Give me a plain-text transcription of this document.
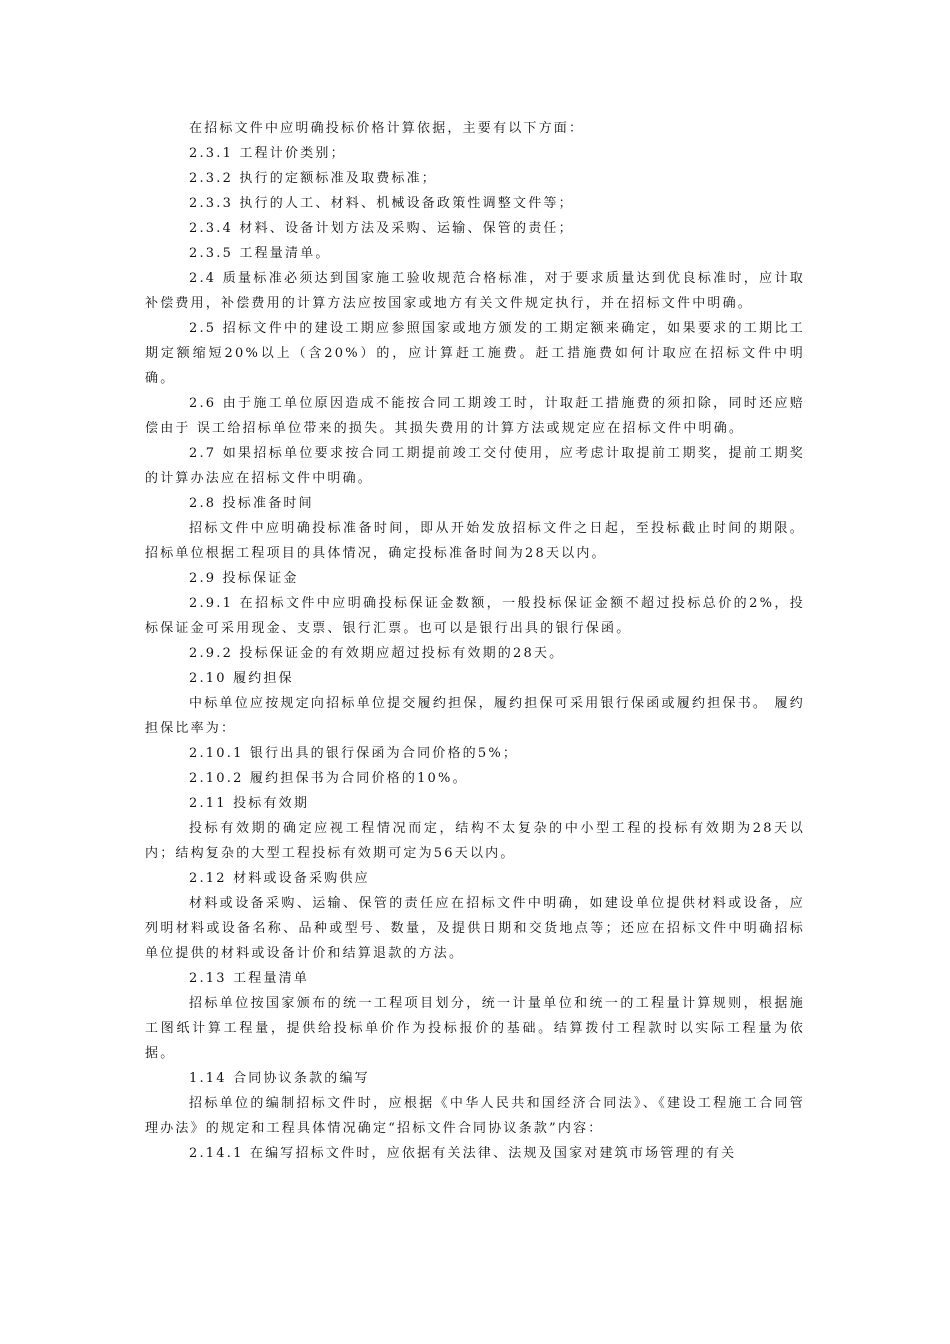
在招标文件中应明确投标价格计算依据，主要有以下方面：

2.3.1 工程计价类别；

2.3.2 执行的定额标准及取费标准；

2.3.3 执行的人工、材料、机械设备政策性调整文件等；

2.3.4 材料、设备计划方法及采购、运输、保管的责任；

2.3.5 工程量清单。

2.4 质量标准必须达到国家施工验收规范合格标准，对于要求质量达到优良标准时，应计取补偿费用，补偿费用的计算方法应按国家或地方有关文件规定执行，并在招标文件中明确。

2.5 招标文件中的建设工期应参照国家或地方颁发的工期定额来确定，如果要求的工期比工期定额缩短20%以上（含20%）的，应计算赶工施费。赶工措施费如何计取应在招标文件中明确。

2.6 由于施工单位原因造成不能按合同工期竣工时，计取赶工措施费的须扣除，同时还应赔偿由于 误工给招标单位带来的损失。其损失费用的计算方法或规定应在招标文件中明确。

2.7 如果招标单位要求按合同工期提前竣工交付使用，应考虑计取提前工期奖，提前工期奖的计算办法应在招标文件中明确。

2.8 投标准备时间

招标文件中应明确投标准备时间，即从开始发放招标文件之日起，至投标截止时间的期限。招标单位根据工程项目的具体情况，确定投标准备时间为28天以内。

2.9 投标保证金

2.9.1 在招标文件中应明确投标保证金数额，一般投标保证金额不超过投标总价的2%，投标保证金可采用现金、支票、银行汇票。也可以是银行出具的银行保函。

2.9.2 投标保证金的有效期应超过投标有效期的28天。

2.10 履约担保

中标单位应按规定向招标单位提交履约担保，履约担保可采用银行保函或履约担保书。 履约担保比率为：

2.10.1 银行出具的银行保函为合同价格的5%；

2.10.2 履约担保书为合同价格的10%。

2.11 投标有效期

投标有效期的确定应视工程情况而定，结构不太复杂的中小型工程的投标有效期为28天以内；结构复杂的大型工程投标有效期可定为56天以内。

2.12 材料或设备采购供应

材料或设备采购、运输、保管的责任应在招标文件中明确，如建设单位提供材料或设备，应列明材料或设备名称、品种或型号、数量，及提供日期和交货地点等；还应在招标文件中明确招标单位提供的材料或设备计价和结算退款的方法。

2.13 工程量清单

招标单位按国家颁布的统一工程项目划分，统一计量单位和统一的工程量计算规则，根据施工图纸计算工程量，提供给投标单价作为投标报价的基础。结算拨付工程款时以实际工程量为依据。

1.14 合同协议条款的编写

招标单位的编制招标文件时，应根据《中华人民共和国经济合同法》、《建设工程施工合同管理办法》的规定和工程具体情况确定“招标文件合同协议条款”内容：

2.14.1 在编写招标文件时，应依据有关法律、法规及国家对建筑市场管理的有关
